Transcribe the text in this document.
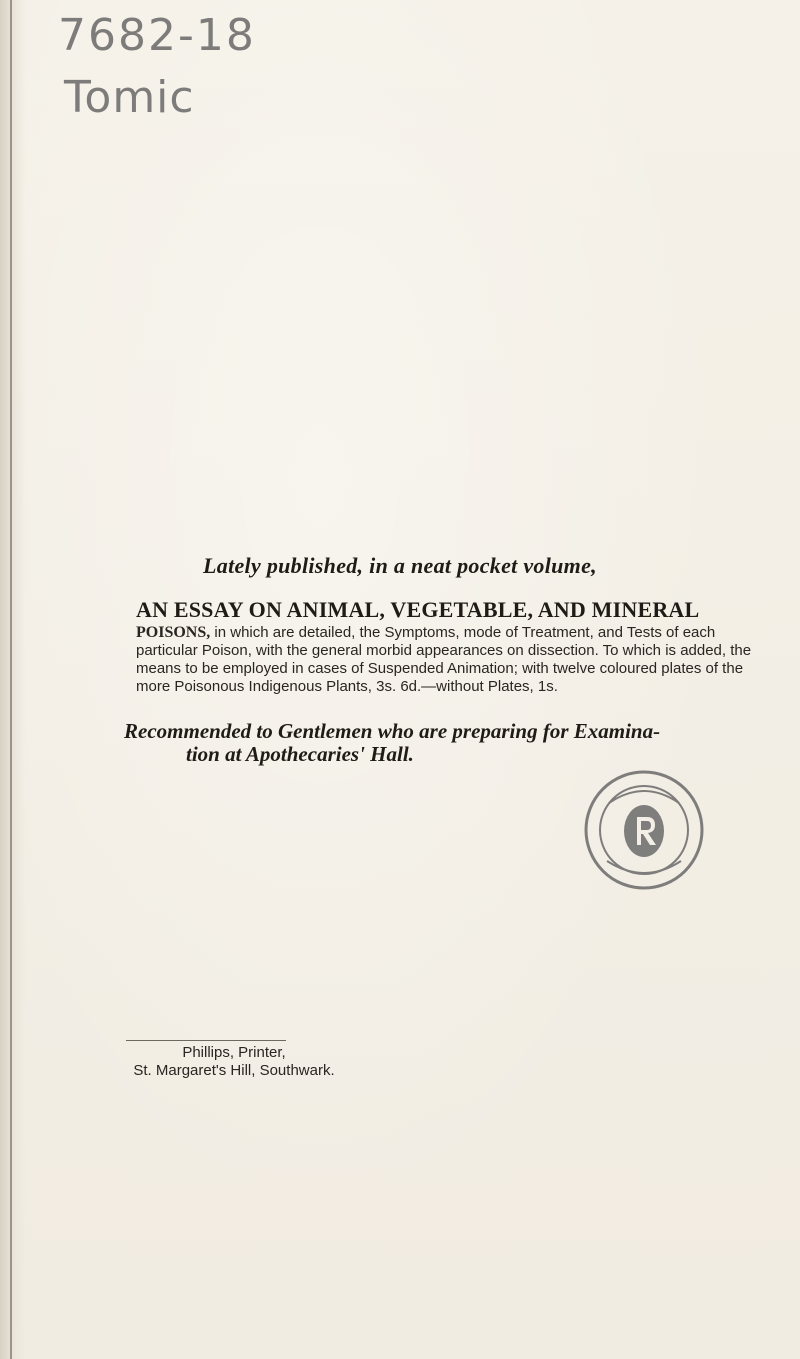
7682-18
Tomic
Lately published, in a neat pocket volume,
AN ESSAY ON ANIMAL, VEGETABLE, AND MINERAL
POISONS, in which are detailed, the Symptoms, mode of Treatment, and Tests of each particular Poison, with the general morbid appearances on dissection. To which is added, the means to be employed in cases of Suspended Animation; with twelve coloured plates of the more Poisonous Indigenous Plants, 3s. 6d.—without Plates, 1s.
Recommended to Gentlemen who are preparing for Examina-
tion at Apothecaries' Hall.
Phillips, Printer,
St. Margaret's Hill, Southwark.
